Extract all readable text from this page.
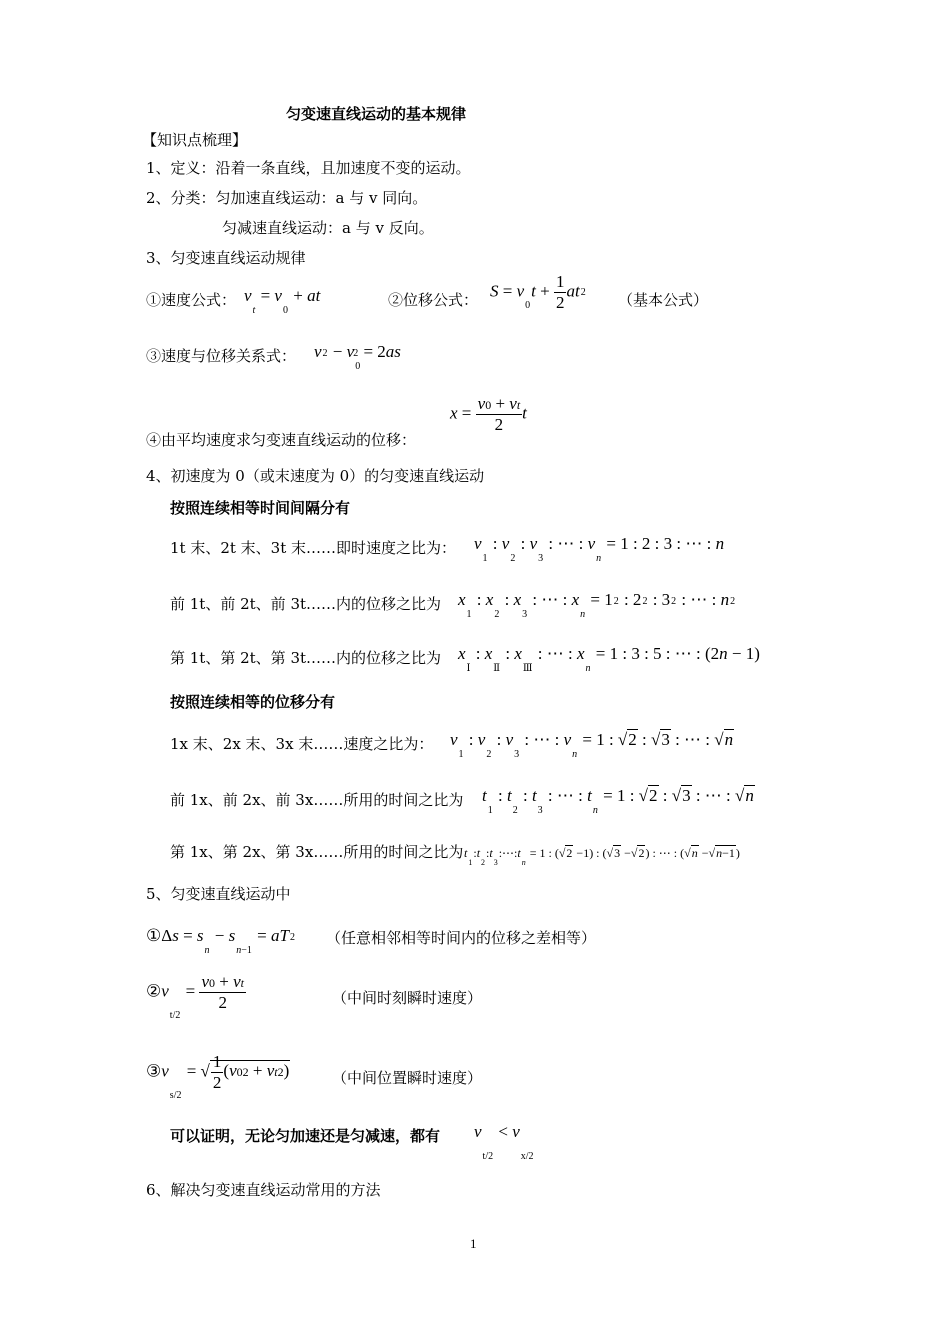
匀变速直线运动的基本规律
【知识点梳理】
1、定义：沿着一条直线，且加速度不变的运动。
2、分类：匀加速直线运动：a 与 v 同向。
匀减速直线运动：a 与 v 反向。
3、匀变速直线运动规律
①速度公式： $v_t = v_0$ + at	②位移公式： $S = v_0t + \frac{1}{2} at2$ （基本公式）
③速度与位移关系式： $v2 - v_02 = 2as$
$x = \frac{v0 + vt}{2}$ t
④由平均速度求匀变速直线运动的位移：
4、初速度为 0（或末速度为 0）的匀变速直线运动
按照连续相等时间间隔分有
1t 末、2t 末、3t 末……即时速度之比为： $v_1$ : $v_2$ : $v_3$ : ⋯ : $v_n = 1$ : 2 : 3 : ⋯ : n
前 1t、前 2t、前 3t……内的位移之比为 $x_1$ : $x_2$ : $x_3$ : ⋯ : $x_n = 12$ : 22 : 32 : ⋯ : n2
第 1t、第 2t、第 3t……内的位移之比为 $x_Ⅰ$ : $x_Ⅱ$ : $x_Ⅲ$ : ⋯ : $x_n = 1$ : 3 : 5 : ⋯ : (2n − 1)
按照连续相等的位移分有
1x 末、2x 末、3x 末……速度之比为： $v_1$ : $v_2$ : $v_3$ : ⋯ : $v_n = 1$ : √2 : √3 : ⋯ : √n
前 1x、前 2x、前 3x……所用的时间之比为 $t_1$ : $t_2$ : $t_3$ : ⋯ : $t_n = 1$ : √2 : √3 : ⋯ : √n
第 1x、第 2x、第 3x……所用的时间之比为 $t_1:t_2:t_3:\cdots:t_n = 1$ : (√2 −1) : (√3 −√2) : ⋯ : (√n −√n−1)
5、匀变速直线运动中
①Δs = $s_n - s_{n-1} = aT2$ （任意相邻相等时间内的位移之差相等）
$②v_{t/2} = \frac{v0 + vt}{2}$	（中间时刻瞬时速度）
$③v_{s/2}$ = √ $\frac{1}{2} (v02 + vt2)$	（中间位置瞬时速度）
可以证明，无论匀加速还是匀减速，都有 $v_{t/2} < v_{x/2}$
6、解决匀变速直线运动常用的方法
1
